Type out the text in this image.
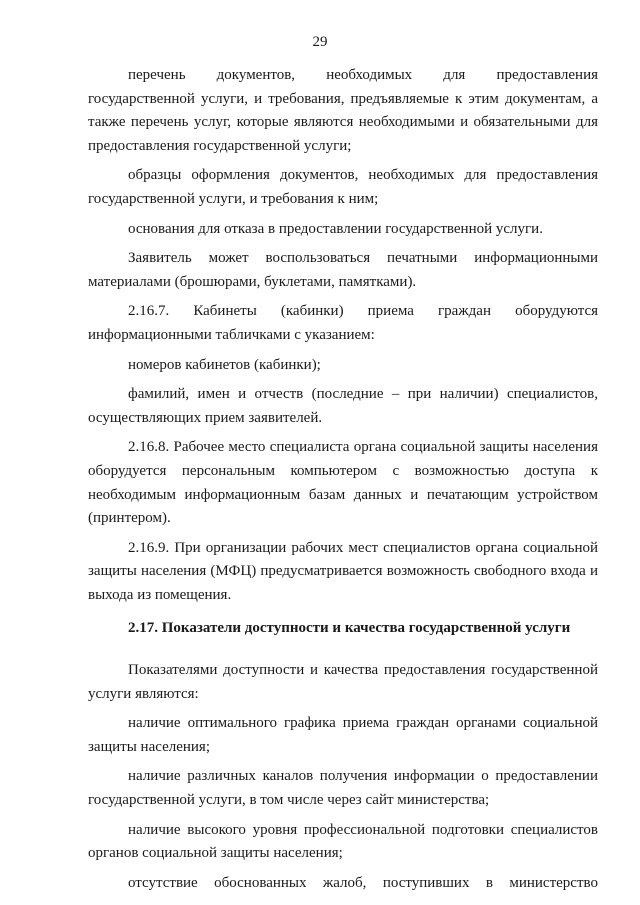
29

перечень документов, необходимых для предоставления государственной услуги, и требования, предъявляемые к этим документам, а также перечень услуг, которые являются необходимыми и обязательными для предоставления государственной услуги;

образцы оформления документов, необходимых для предоставления государственной услуги, и требования к ним;

основания для отказа в предоставлении государственной услуги.

Заявитель может воспользоваться печатными информационными материалами (брошюрами, буклетами, памятками).

2.16.7. Кабинеты (кабинки) приема граждан оборудуются информационными табличками с указанием:

номеров кабинетов (кабинки);

фамилий, имен и отчеств (последние – при наличии) специалистов, осуществляющих прием заявителей.

2.16.8. Рабочее место специалиста органа социальной защиты населения оборудуется персональным компьютером с возможностью доступа к необходимым информационным базам данных и печатающим устройством (принтером).

2.16.9. При организации рабочих мест специалистов органа социальной защиты населения (МФЦ) предусматривается возможность свободного входа и выхода из помещения.

2.17. Показатели доступности и качества государственной услуги

Показателями доступности и качества предоставления государственной услуги являются:

наличие оптимального графика приема граждан органами социальной защиты населения;

наличие различных каналов получения информации о предоставлении государственной услуги, в том числе через сайт министерства;

наличие высокого уровня профессиональной подготовки специалистов органов социальной защиты населения;

отсутствие обоснованных жалоб, поступивших в министерство
